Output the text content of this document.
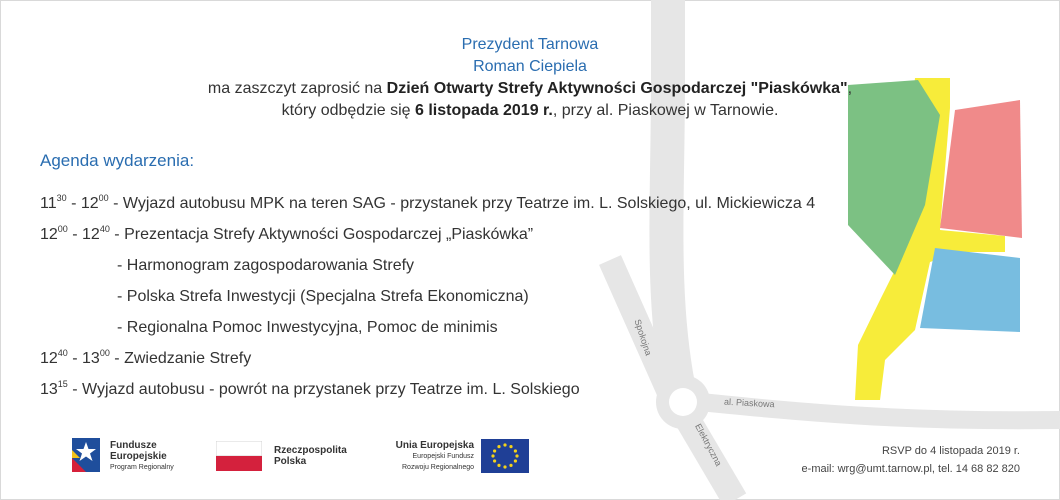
Spokojna
al. Piaskowa
Elektryczna
Prezydent Tarnowa
Roman Ciepiela
ma zaszczyt zaprosić na Dzień Otwarty Strefy Aktywności Gospodarczej "Piaskówka",
który odbędzie się 6 listopada 2019 r., przy al. Piaskowej w Tarnowie.
Agenda wydarzenia:
$11^{30} - 12^{00}$ - Wyjazd autobusu MPK na teren SAG - przystanek przy Teatrze im. L. Solskiego, ul. Mickiewicza 4
$12^{00} - 12^{40}$ - Prezentacja Strefy Aktywności Gospodarczej „Piaskówka”
- Harmonogram zagospodarowania Strefy
- Polska Strefa Inwestycji (Specjalna Strefa Ekonomiczna)
- Regionalna Pomoc Inwestycyjna, Pomoc de minimis
$12^{40} - 13^{00}$ - Zwiedzanie Strefy
$13^{15}$ - Wyjazd autobusu - powrót na przystanek przy Teatrze im. L. Solskiego
Fundusze
Europejskie
Program Regionalny
Rzeczpospolita
Polska
Unia Europejska
Europejski Fundusz
Rozwoju Regionalnego
RSVP do 4 listopada 2019 r.
e-mail: wrg@umt.tarnow.pl, tel. 14 68 82 820
